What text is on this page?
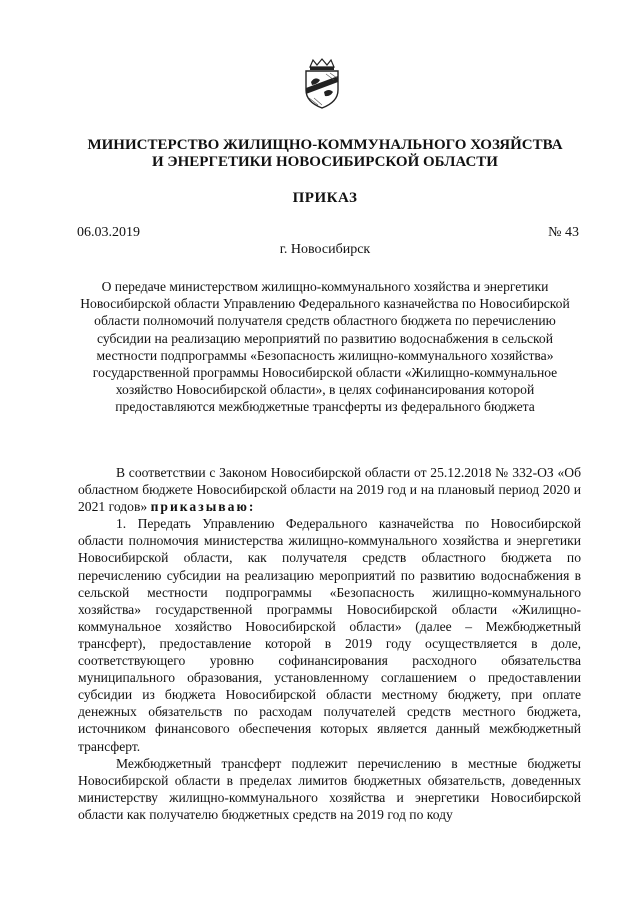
МИНИСТЕРСТВО ЖИЛИЩНО-КОММУНАЛЬНОГО ХОЗЯЙСТВА
И ЭНЕРГЕТИКИ НОВОСИБИРСКОЙ ОБЛАСТИ
ПРИКАЗ
06.03.2019	№ 43
г. Новосибирск
О передаче министерством жилищно-коммунального хозяйства и энергетики Новосибирской области Управлению Федерального казначейства по Новосибирской области полномочий получателя средств областного бюджета по перечислению субсидии на реализацию мероприятий по развитию водоснабжения в сельской местности подпрограммы «Безопасность жилищно-коммунального хозяйства» государственной программы Новосибирской области «Жилищно-коммунальное хозяйство Новосибирской области», в целях софинансирования которой предоставляются межбюджетные трансферты из федерального бюджета

В соответствии с Законом Новосибирской области от 25.12.2018 № 332-ОЗ «Об областном бюджете Новосибирской области на 2019 год и на плановый период 2020 и 2021 годов» приказываю:

1. Передать Управлению Федерального казначейства по Новосибирской области полномочия министерства жилищно-коммунального хозяйства и энергетики Новосибирской области, как получателя средств областного бюджета по перечислению субсидии на реализацию мероприятий по развитию водоснабжения в сельской местности подпрограммы «Безопасность жилищно-коммунального хозяйства» государственной программы Новосибирской области «Жилищно-коммунальное хозяйство Новосибирской области» (далее – Межбюджетный трансферт), предоставление которой в 2019 году осуществляется в доле, соответствующего уровню софинансирования расходного обязательства муниципального образования, установленному соглашением о предоставлении субсидии из бюджета Новосибирской области местному бюджету, при оплате денежных обязательств по расходам получателей средств местного бюджета, источником финансового обеспечения которых является данный межбюджетный трансферт.

Межбюджетный трансферт подлежит перечислению в местные бюджеты Новосибирской области в пределах лимитов бюджетных обязательств, доведенных министерству жилищно-коммунального хозяйства и энергетики Новосибирской области как получателю бюджетных средств на 2019 год по коду
